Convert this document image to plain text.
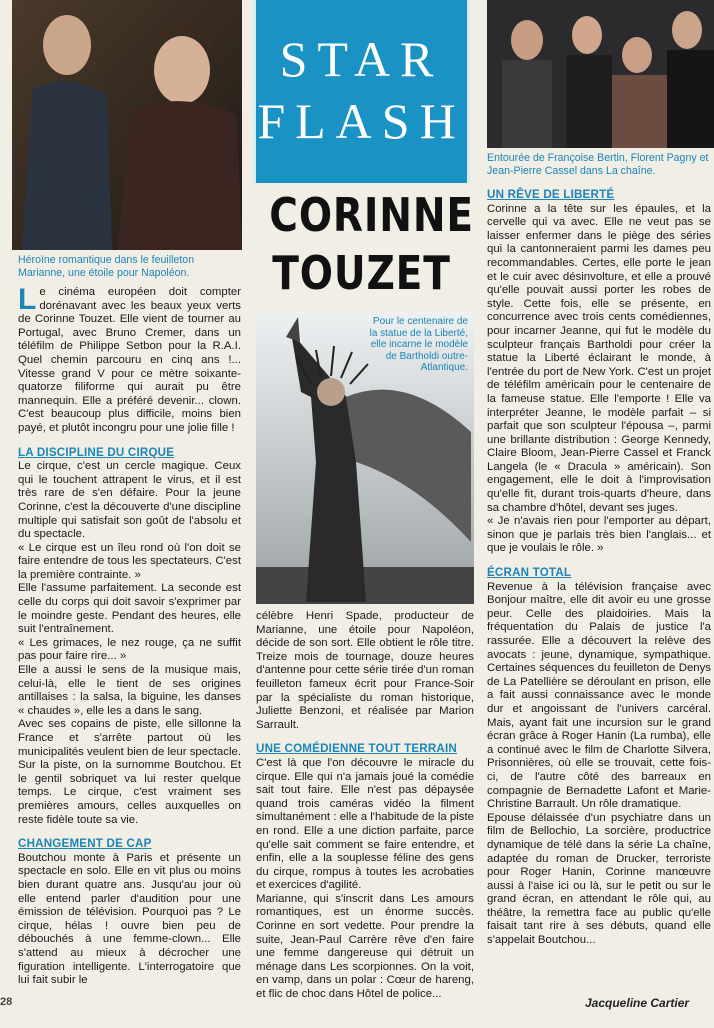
Héroïne romantique dans le feuilleton Marianne, une étoile pour Napoléon.
STAR
FLASH
CORINNE
TOUZET
Entourée de Françoise Bertin, Florent Pagny et Jean-Pierre Cassel dans La chaîne.
Pour le centenaire de la statue de la Liberté, elle incarne le modèle de Bartholdi outre-Atlantique.

Le cinéma européen doit compter dorénavant avec les beaux yeux verts de Corinne Touzet. Elle vient de tourner au Portugal, avec Bruno Cremer, dans un téléfilm de Philippe Setbon pour la R.A.I. Quel chemin parcouru en cinq ans !... Vitesse grand V pour ce mètre soixante-quatorze filiforme qui aurait pu être mannequin. Elle a préféré devenir... clown. C'est beaucoup plus difficile, moins bien payé, et plutôt incongru pour une jolie fille !

LA DISCIPLINE DU CIRQUE

Le cirque, c'est un cercle magique. Ceux qui le touchent attrapent le virus, et il est très rare de s'en défaire. Pour la jeune Corinne, c'est la découverte d'une discipline multiple qui satisfait son goût de l'absolu et du spectacle.

« Le cirque est un îleu rond où l'on doit se faire entendre de tous les spectateurs. C'est la première contrainte. »

Elle l'assume parfaitement. La seconde est celle du corps qui doit savoir s'exprimer par le moindre geste. Pendant des heures, elle suit l'entraînement.

« Les grimaces, le nez rouge, ça ne suffit pas pour faire rire... »

Elle a aussi le sens de la musique mais, celui-là, elle le tient de ses origines antillaises : la salsa, la biguine, les danses « chaudes », elle les a dans le sang.

Avec ses copains de piste, elle sillonne la France et s'arrête partout où les municipalités veulent bien de leur spectacle. Sur la piste, on la surnomme Boutchou. Et le gentil sobriquet va lui rester quelque temps. Le cirque, c'est vraiment ses premières amours, celles auxquelles on reste fidèle toute sa vie.

CHANGEMENT DE CAP

Boutchou monte à Paris et présente un spectacle en solo. Elle en vit plus ou moins bien durant quatre ans. Jusqu'au jour où elle entend parler d'audition pour une émission de télévision. Pourquoi pas ? Le cirque, hélas ! ouvre bien peu de débouchés à une femme-clown... Elle s'attend au mieux à décrocher une figuration intelligente. L'interrogatoire que lui fait subir le

célèbre Henri Spade, producteur de Marianne, une étoile pour Napoléon, décide de son sort. Elle obtient le rôle titre. Treize mois de tournage, douze heures d'antenne pour cette série tirée d'un roman feuilleton fameux écrit pour France-Soir par la spécialiste du roman historique, Juliette Benzoni, et réalisée par Marion Sarrault.

UNE COMÉDIENNE TOUT TERRAIN

C'est là que l'on découvre le miracle du cirque. Elle qui n'a jamais joué la comédie sait tout faire. Elle n'est pas dépaysée quand trois caméras vidéo la filment simultanément : elle a l'habitude de la piste en rond. Elle a une diction parfaite, parce qu'elle sait comment se faire entendre, et enfin, elle a la souplesse féline des gens du cirque, rompus à toutes les acrobaties et exercices d'agilité.

Marianne, qui s'inscrit dans Les amours romantiques, est un énorme succès. Corinne en sort vedette. Pour prendre la suite, Jean-Paul Carrère rêve d'en faire une femme dangereuse qui détruit un ménage dans Les scorpionnes. On la voit, en vamp, dans un polar : Cœur de hareng, et flic de choc dans Hôtel de police...

UN RÊVE DE LIBERTÉ

Corinne a la tête sur les épaules, et la cervelle qui va avec. Elle ne veut pas se laisser enfermer dans le piège des séries qui la cantonneraient parmi les dames peu recommandables. Certes, elle porte le jean et le cuir avec désinvolture, et elle a prouvé qu'elle pouvait aussi porter les robes de style. Cette fois, elle se présente, en concurrence avec trois cents comédiennes, pour incarner Jeanne, qui fut le modèle du sculpteur français Bartholdi pour créer la statue la Liberté éclairant le monde, à l'entrée du port de New York. C'est un projet de téléfilm américain pour le centenaire de la fameuse statue. Elle l'emporte ! Elle va interpréter Jeanne, le modèle parfait – si parfait que son sculpteur l'épousa –, parmi une brillante distribution : George Kennedy, Claire Bloom, Jean-Pierre Cassel et Franck Langela (le « Dracula » américain). Son engagement, elle le doit à l'improvisation qu'elle fit, durant trois-quarts d'heure, dans sa chambre d'hôtel, devant ses juges.

« Je n'avais rien pour l'emporter au départ, sinon que je parlais très bien l'anglais... et que je voulais le rôle. »

ÉCRAN TOTAL

Revenue à la télévision française avec Bonjour maître, elle dit avoir eu une grosse peur. Celle des plaidoiries. Mais la fréquentation du Palais de justice l'a rassurée. Elle a découvert la relève des avocats : jeune, dynamique, sympathique. Certaines séquences du feuilleton de Denys de La Patellière se déroulant en prison, elle a fait aussi connaissance avec le monde dur et angoissant de l'univers carcéral. Mais, ayant fait une incursion sur le grand écran grâce à Roger Hanin (La rumba), elle a continué avec le film de Charlotte Silvera, Prisonnières, où elle se trouvait, cette fois-ci, de l'autre côté des barreaux en compagnie de Bernadette Lafont et Marie-Christine Barrault. Un rôle dramatique.

Epouse délaissée d'un psychiatre dans un film de Bellochio, La sorcière, productrice dynamique de télé dans la série La chaîne, adaptée du roman de Drucker, terroriste pour Roger Hanin, Corinne manœuvre aussi à l'aise ici ou là, sur le petit ou sur le grand écran, en attendant le rôle qui, au théâtre, la remettra face au public qu'elle faisait tant rire à ses débuts, quand elle s'appelait Boutchou...

28	Jacqueline Cartier
